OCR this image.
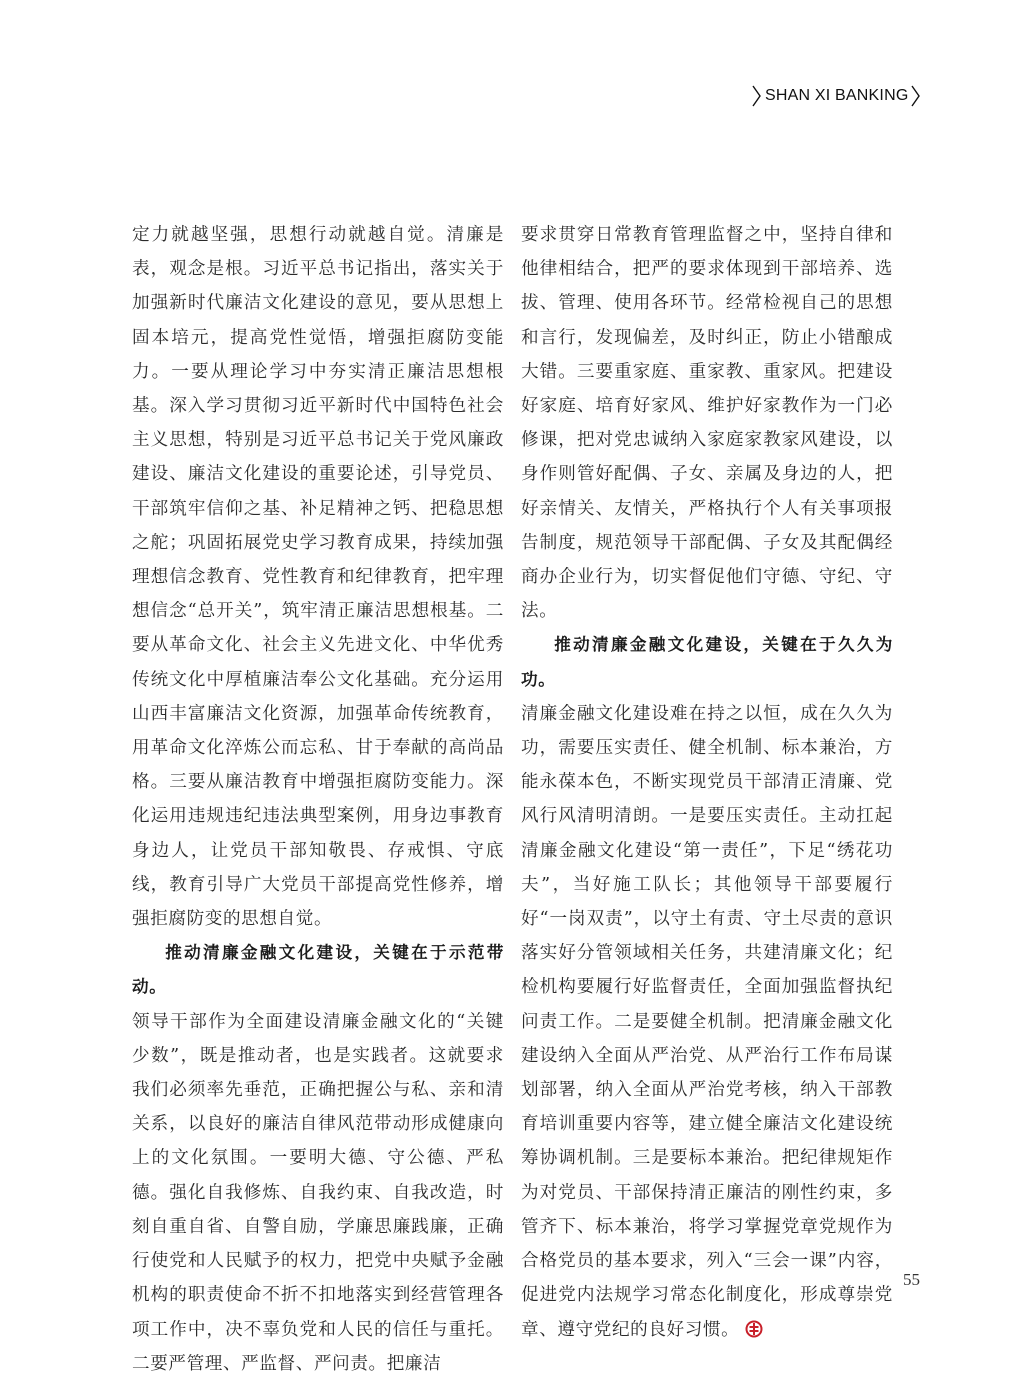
SHAN XI BANKING

定力就越坚强，思想行动就越自觉。清廉是表，观念是根。习近平总书记指出，落实关于加强新时代廉洁文化建设的意见，要从思想上固本培元，提高党性觉悟，增强拒腐防变能力。一要从理论学习中夯实清正廉洁思想根基。深入学习贯彻习近平新时代中国特色社会主义思想，特别是习近平总书记关于党风廉政建设、廉洁文化建设的重要论述，引导党员、干部筑牢信仰之基、补足精神之钙、把稳思想之舵；巩固拓展党史学习教育成果，持续加强理想信念教育、党性教育和纪律教育，把牢理想信念“总开关”，筑牢清正廉洁思想根基。二要从革命文化、社会主义先进文化、中华优秀传统文化中厚植廉洁奉公文化基础。充分运用山西丰富廉洁文化资源，加强革命传统教育，用革命文化淬炼公而忘私、甘于奉献的高尚品格。三要从廉洁教育中增强拒腐防变能力。深化运用违规违纪违法典型案例，用身边事教育身边人，让党员干部知敬畏、存戒惧、守底线，教育引导广大党员干部提高党性修养，增强拒腐防变的思想自觉。

推动清廉金融文化建设，关键在于示范带动。

领导干部作为全面建设清廉金融文化的“关键少数”，既是推动者，也是实践者。这就要求我们必须率先垂范，正确把握公与私、亲和清关系，以良好的廉洁自律风范带动形成健康向上的文化氛围。一要明大德、守公德、严私德。强化自我修炼、自我约束、自我改造，时刻自重自省、自警自励，学廉思廉践廉，正确行使党和人民赋予的权力，把党中央赋予金融机构的职责使命不折不扣地落实到经营管理各项工作中，决不辜负党和人民的信任与重托。二要严管理、严监督、严问责。把廉洁

要求贯穿日常教育管理监督之中，坚持自律和他律相结合，把严的要求体现到干部培养、选拔、管理、使用各环节。经常检视自己的思想和言行，发现偏差，及时纠正，防止小错酿成大错。三要重家庭、重家教、重家风。把建设好家庭、培育好家风、维护好家教作为一门必修课，把对党忠诚纳入家庭家教家风建设，以身作则管好配偶、子女、亲属及身边的人，把好亲情关、友情关，严格执行个人有关事项报告制度，规范领导干部配偶、子女及其配偶经商办企业行为，切实督促他们守德、守纪、守法。

推动清廉金融文化建设，关键在于久久为功。

清廉金融文化建设难在持之以恒，成在久久为功，需要压实责任、健全机制、标本兼治，方能永葆本色，不断实现党员干部清正清廉、党风行风清明清朗。一是要压实责任。主动扛起清廉金融文化建设“第一责任”，下足“绣花功夫”，当好施工队长；其他领导干部要履行好“一岗双责”，以守土有责、守土尽责的意识落实好分管领域相关任务，共建清廉文化；纪检机构要履行好监督责任，全面加强监督执纪问责工作。二是要健全机制。把清廉金融文化建设纳入全面从严治党、从严治行工作布局谋划部署，纳入全面从严治党考核，纳入干部教育培训重要内容等，建立健全廉洁文化建设统筹协调机制。三是要标本兼治。把纪律规矩作为对党员、干部保持清正廉洁的刚性约束，多管齐下、标本兼治，将学习掌握党章党规作为合格党员的基本要求，列入“三会一课”内容，促进党内法规学习常态化制度化，形成尊崇党章、遵守党纪的良好习惯。

55
